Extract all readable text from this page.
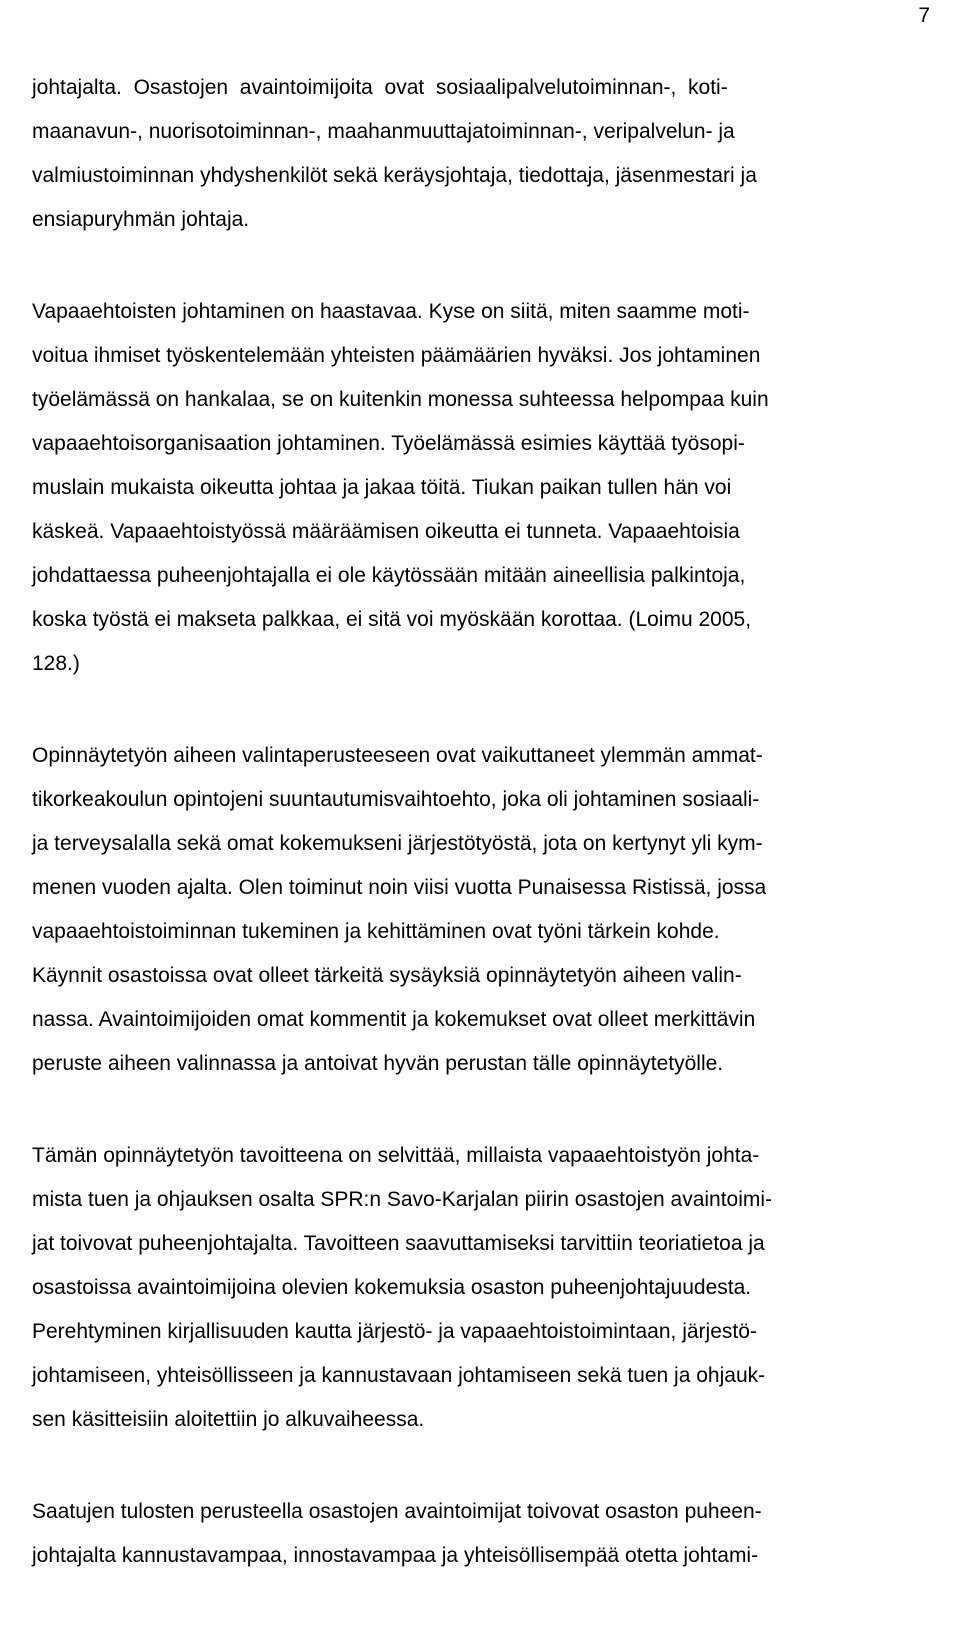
7
johtajalta.  Osastojen  avaintoimijoita  ovat  sosiaalipalvelutoiminnan-,  koti-
maanavun-, nuorisotoiminnan-, maahanmuuttajatoiminnan-, veripalvelun- ja
valmiustoiminnan yhdyshenkilöt sekä keräysjohtaja, tiedottaja, jäsenmestari ja
ensiapuryhmän johtaja.
Vapaaehtoisten johtaminen on haastavaa. Kyse on siitä, miten saamme moti-
voitua ihmiset työskentelemään yhteisten päämäärien hyväksi. Jos johtaminen
työelämässä on hankalaa, se on kuitenkin monessa suhteessa helpompaa kuin
vapaaehtoisorganisaation johtaminen. Työelämässä esimies käyttää työsopi-
muslain mukaista oikeutta johtaa ja jakaa töitä. Tiukan paikan tullen hän voi
käskeä. Vapaaehtoistyössä määräämisen oikeutta ei tunneta. Vapaaehtoisia
johdattaessa puheenjohtajalla ei ole käytössään mitään aineellisia palkintoja,
koska työstä ei makseta palkkaa, ei sitä voi myöskään korottaa. (Loimu 2005,
128.)
Opinnäytetyön aiheen valintaperusteeseen ovat vaikuttaneet ylemmän ammat-
tikorkeakoulun opintojeni suuntautumisvaihtoehto, joka oli johtaminen sosiaali-
ja terveysalalla sekä omat kokemukseni järjestötyöstä, jota on kertynyt yli kym-
menen vuoden ajalta. Olen toiminut noin viisi vuotta Punaisessa Ristissä, jossa
vapaaehtoistoiminnan tukeminen ja kehittäminen ovat työni tärkein kohde.
Käynnit osastoissa ovat olleet tärkeitä sysäyksiä opinnäytetyön aiheen valin-
nassa. Avaintoimijoiden omat kommentit ja kokemukset ovat olleet merkittävin
peruste aiheen valinnassa ja antoivat hyvän perustan tälle opinnäytetyölle.
Tämän opinnäytetyön tavoitteena on selvittää, millaista vapaaehtoistyön johta-
mista tuen ja ohjauksen osalta SPR:n Savo-Karjalan piirin osastojen avaintoimi-
jat toivovat puheenjohtajalta. Tavoitteen saavuttamiseksi tarvittiin teoriatietoa ja
osastoissa avaintoimijoina olevien kokemuksia osaston puheenjohtajuudesta.
Perehtyminen kirjallisuuden kautta järjestö- ja vapaaehtoistoimintaan, järjestö-
johtamiseen, yhteisöllisseen ja kannustavaan johtamiseen sekä tuen ja ohjauk-
sen käsitteisiin aloitettiin jo alkuvaiheessa.
Saatujen tulosten perusteella osastojen avaintoimijat toivovat osaston puheen-
johtajalta kannustavampaa, innostavampaa ja yhteisöllisempää otetta johtami-
